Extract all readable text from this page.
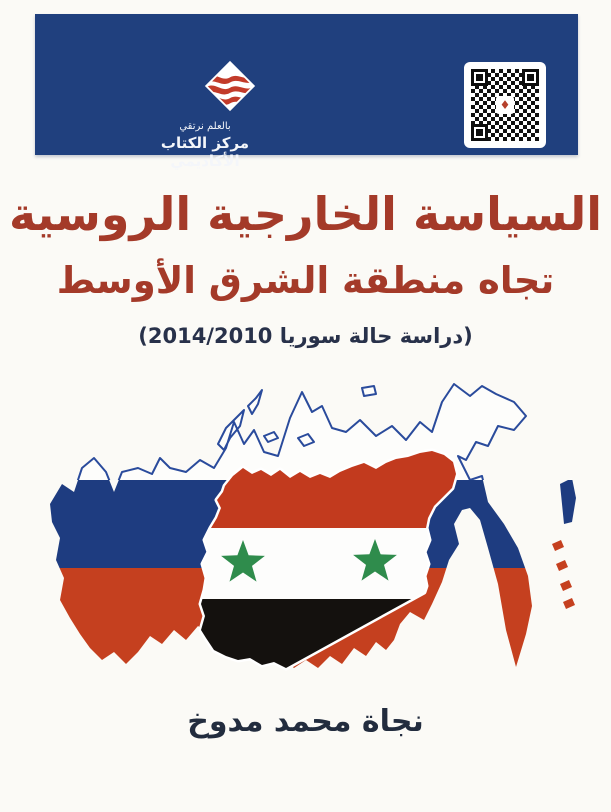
بالعلم نرتقي
مركز الكتاب الأكاديمي
♦
السياسة الخارجية الروسية
تجاه منطقة الشرق الأوسط
(دراسة حالة سوريا 2014/2010)
نجاة محمد مدوخ
